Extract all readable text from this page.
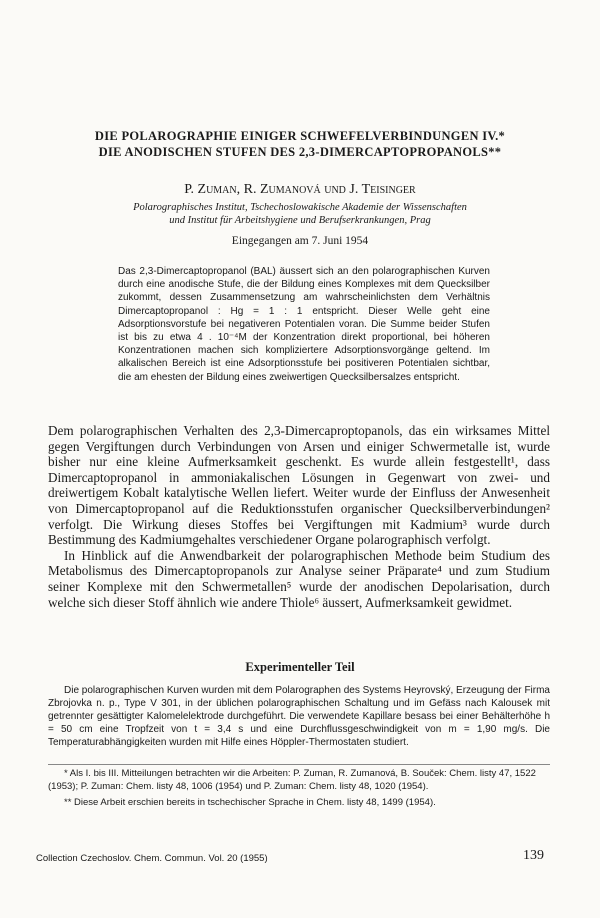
DIE POLAROGRAPHIE EINIGER SCHWEFELVERBINDUNGEN IV.*
DIE ANODISCHEN STUFEN DES 2,3-DIMERCAPTOPROPANOLS**
P. Zuman, R. Zumanová und J. Teisinger
Polarographisches Institut, Tschechoslowakische Akademie der Wissenschaften
und Institut für Arbeitshygiene und Berufserkrankungen, Prag
Eingegangen am 7. Juni 1954
Das 2,3-Dimercaptopropanol (BAL) äussert sich an den polarographischen Kurven durch eine anodische Stufe, die der Bildung eines Komplexes mit dem Quecksilber zukommt, dessen Zusammensetzung am wahrscheinlichsten dem Verhältnis Dimercaptopropanol : Hg = 1 : 1 entspricht. Dieser Welle geht eine Adsorptionsvorstufe bei negativeren Potentialen voran. Die Summe beider Stufen ist bis zu etwa 4 . 10⁻⁴M der Konzentration direkt proportional, bei höheren Konzentrationen machen sich kompliziertere Adsorptionsvorgänge geltend. Im alkalischen Bereich ist eine Adsorptionsstufe bei positiveren Potentialen sichtbar, die am ehesten der Bildung eines zweiwertigen Quecksilbersalzes entspricht.

Dem polarographischen Verhalten des 2,3-Dimercaproptopanols, das ein wirksames Mittel gegen Vergiftungen durch Verbindungen von Arsen und einiger Schwermetalle ist, wurde bisher nur eine kleine Aufmerksamkeit geschenkt. Es wurde allein festgestellt¹, dass Dimercaptopropanol in ammoniakalischen Lösungen in Gegenwart von zwei- und dreiwertigem Kobalt katalytische Wellen liefert. Weiter wurde der Einfluss der Anwesenheit von Dimercaptopropanol auf die Reduktionsstufen organischer Quecksilberverbindungen² verfolgt. Die Wirkung dieses Stoffes bei Vergiftungen mit Kadmium³ wurde durch Bestimmung des Kadmiumgehaltes verschiedener Organe polarographisch verfolgt.

In Hinblick auf die Anwendbarkeit der polarographischen Methode beim Studium des Metabolismus des Dimercaptopropanols zur Analyse seiner Präparate⁴ und zum Studium seiner Komplexe mit den Schwermetallen⁵ wurde der anodischen Depolarisation, durch welche sich dieser Stoff ähnlich wie andere Thiole⁶ äussert, Aufmerksamkeit gewidmet.

Experimenteller Teil
Die polarographischen Kurven wurden mit dem Polarographen des Systems Heyrovský, Erzeugung der Firma Zbrojovka n. p., Type V 301, in der üblichen polarographischen Schaltung und im Gefäss nach Kalousek mit getrennter gesättigter Kalomelelektrode durchgeführt. Die verwendete Kapillare besass bei einer Behälterhöhe h = 50 cm eine Tropfzeit von t = 3,4 s und eine Durchflussgeschwindigkeit von m = 1,90 mg/s. Die Temperaturabhängigkeiten wurden mit Hilfe eines Höppler-Thermostaten studiert.

* Als I. bis III. Mitteilungen betrachten wir die Arbeiten: P. Zuman, R. Zumanová, B. Souček: Chem. listy 47, 1522 (1953); P. Zuman: Chem. listy 48, 1006 (1954) und P. Zuman: Chem. listy 48, 1020 (1954).

** Diese Arbeit erschien bereits in tschechischer Sprache in Chem. listy 48, 1499 (1954).

Collection Czechoslov. Chem. Commun. Vol. 20 (1955)	139
